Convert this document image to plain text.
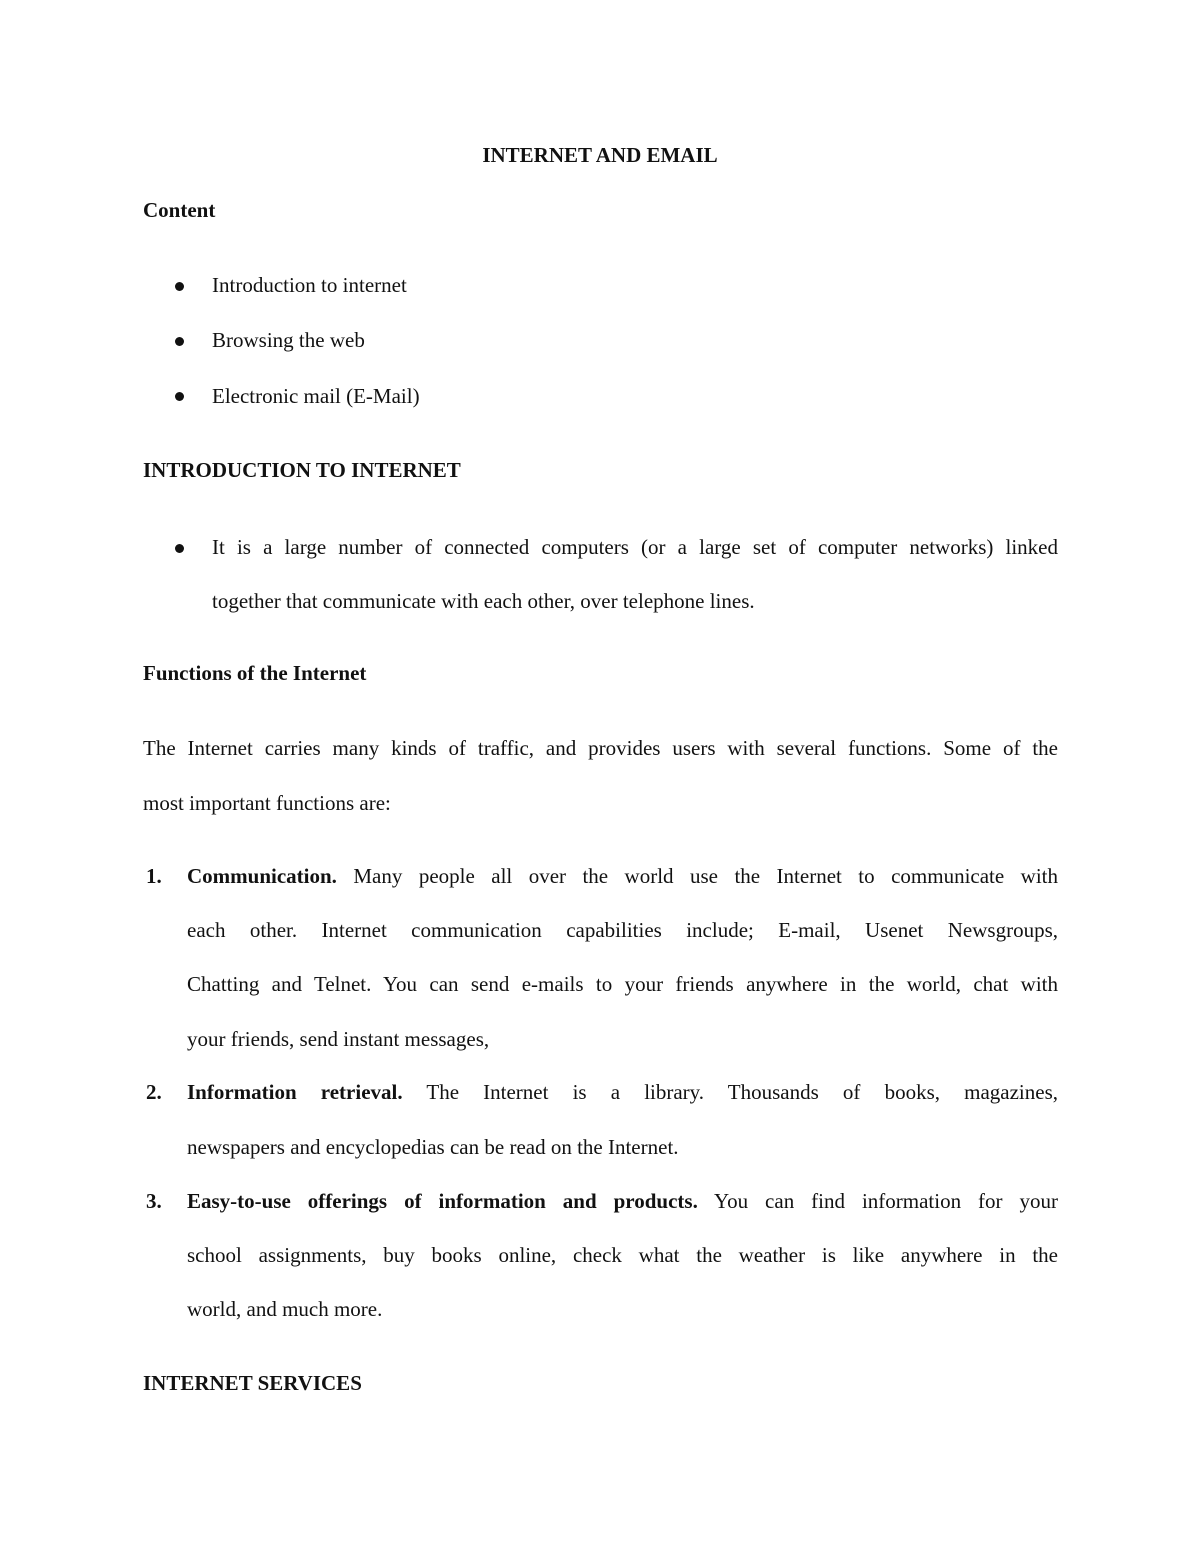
INTERNET AND EMAIL
Content
Introduction to internet
Browsing the web
Electronic mail (E-Mail)
INTRODUCTION TO INTERNET
It is a large number of connected computers (or a large set of computer networks) linked
together that communicate with each other, over telephone lines.
Functions of the Internet
The Internet carries many kinds of traffic, and provides users with several functions. Some of the
most important functions are:
1. Communication. Many people all over the world use the Internet to communicate with
each other. Internet communication capabilities include; E-mail, Usenet Newsgroups,
Chatting and Telnet. You can send e-mails to your friends anywhere in the world, chat with
your friends, send instant messages,
2. Information retrieval. The Internet is a library. Thousands of books, magazines,
newspapers and encyclopedias can be read on the Internet.
3. Easy-to-use offerings of information and products. You can find information for your
school assignments, buy books online, check what the weather is like anywhere in the
world, and much more.
INTERNET SERVICES
